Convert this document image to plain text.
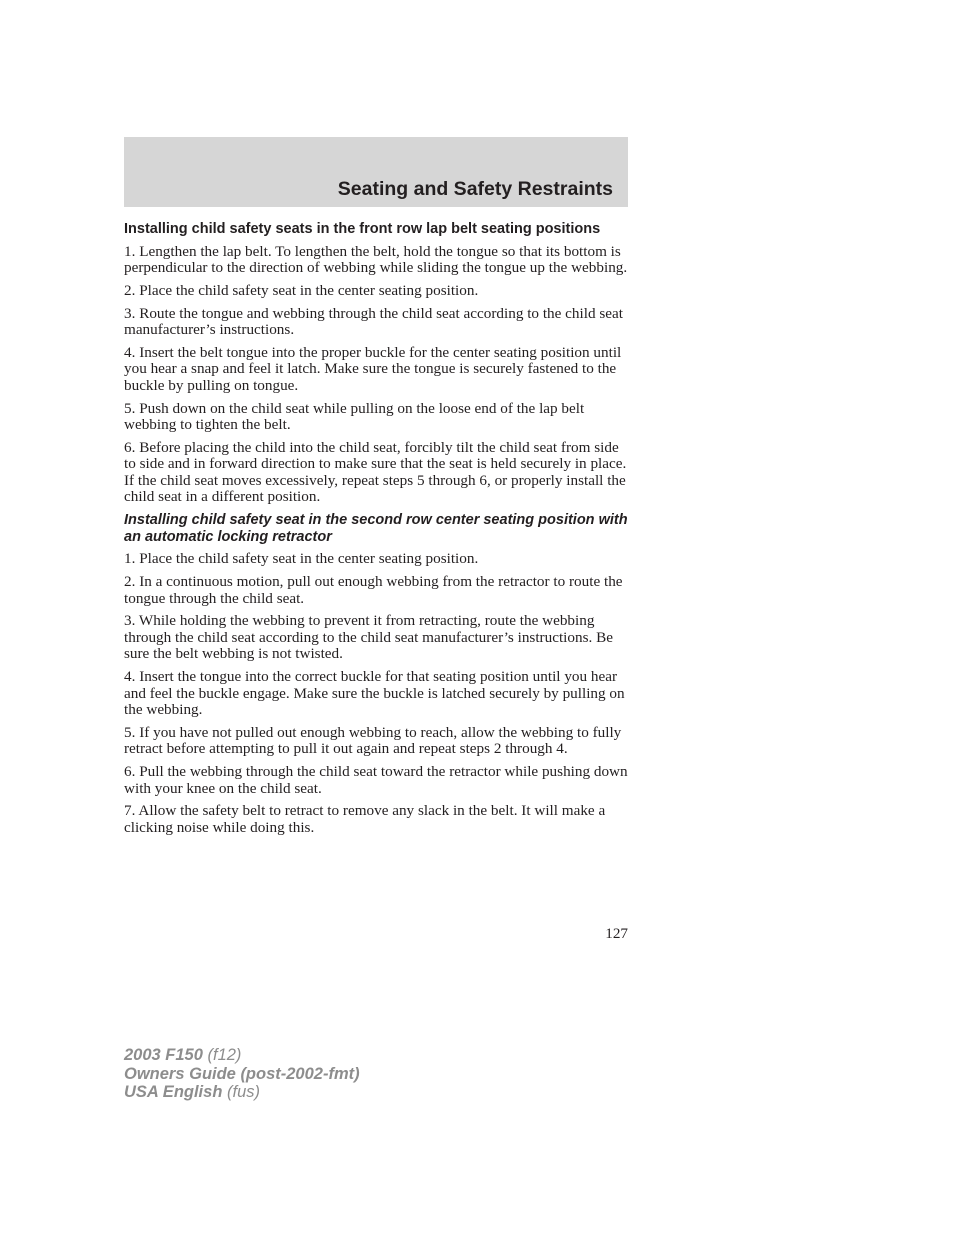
Seating and Safety Restraints
Installing child safety seats in the front row lap belt seating positions

1. Lengthen the lap belt. To lengthen the belt, hold the tongue so that its bottom is perpendicular to the direction of webbing while sliding the tongue up the webbing.

2. Place the child safety seat in the center seating position.

3. Route the tongue and webbing through the child seat according to the child seat manufacturer’s instructions.

4. Insert the belt tongue into the proper buckle for the center seating position until you hear a snap and feel it latch. Make sure the tongue is securely fastened to the buckle by pulling on tongue.

5. Push down on the child seat while pulling on the loose end of the lap belt webbing to tighten the belt.

6. Before placing the child into the child seat, forcibly tilt the child seat from side to side and in forward direction to make sure that the seat is held securely in place. If the child seat moves excessively, repeat steps 5 through 6, or properly install the child seat in a different position.

Installing child safety seat in the second row center seating position with an automatic locking retractor

1. Place the child safety seat in the center seating position.

2. In a continuous motion, pull out enough webbing from the retractor to route the tongue through the child seat.

3. While holding the webbing to prevent it from retracting, route the webbing through the child seat according to the child seat manufacturer’s instructions. Be sure the belt webbing is not twisted.

4. Insert the tongue into the correct buckle for that seating position until you hear and feel the buckle engage. Make sure the buckle is latched securely by pulling on the webbing.

5. If you have not pulled out enough webbing to reach, allow the webbing to fully retract before attempting to pull it out again and repeat steps 2 through 4.

6. Pull the webbing through the child seat toward the retractor while pushing down with your knee on the child seat.

7. Allow the safety belt to retract to remove any slack in the belt. It will make a clicking noise while doing this.

127
2003 F150 (f12)
Owners Guide (post-2002-fmt)
USA English (fus)
